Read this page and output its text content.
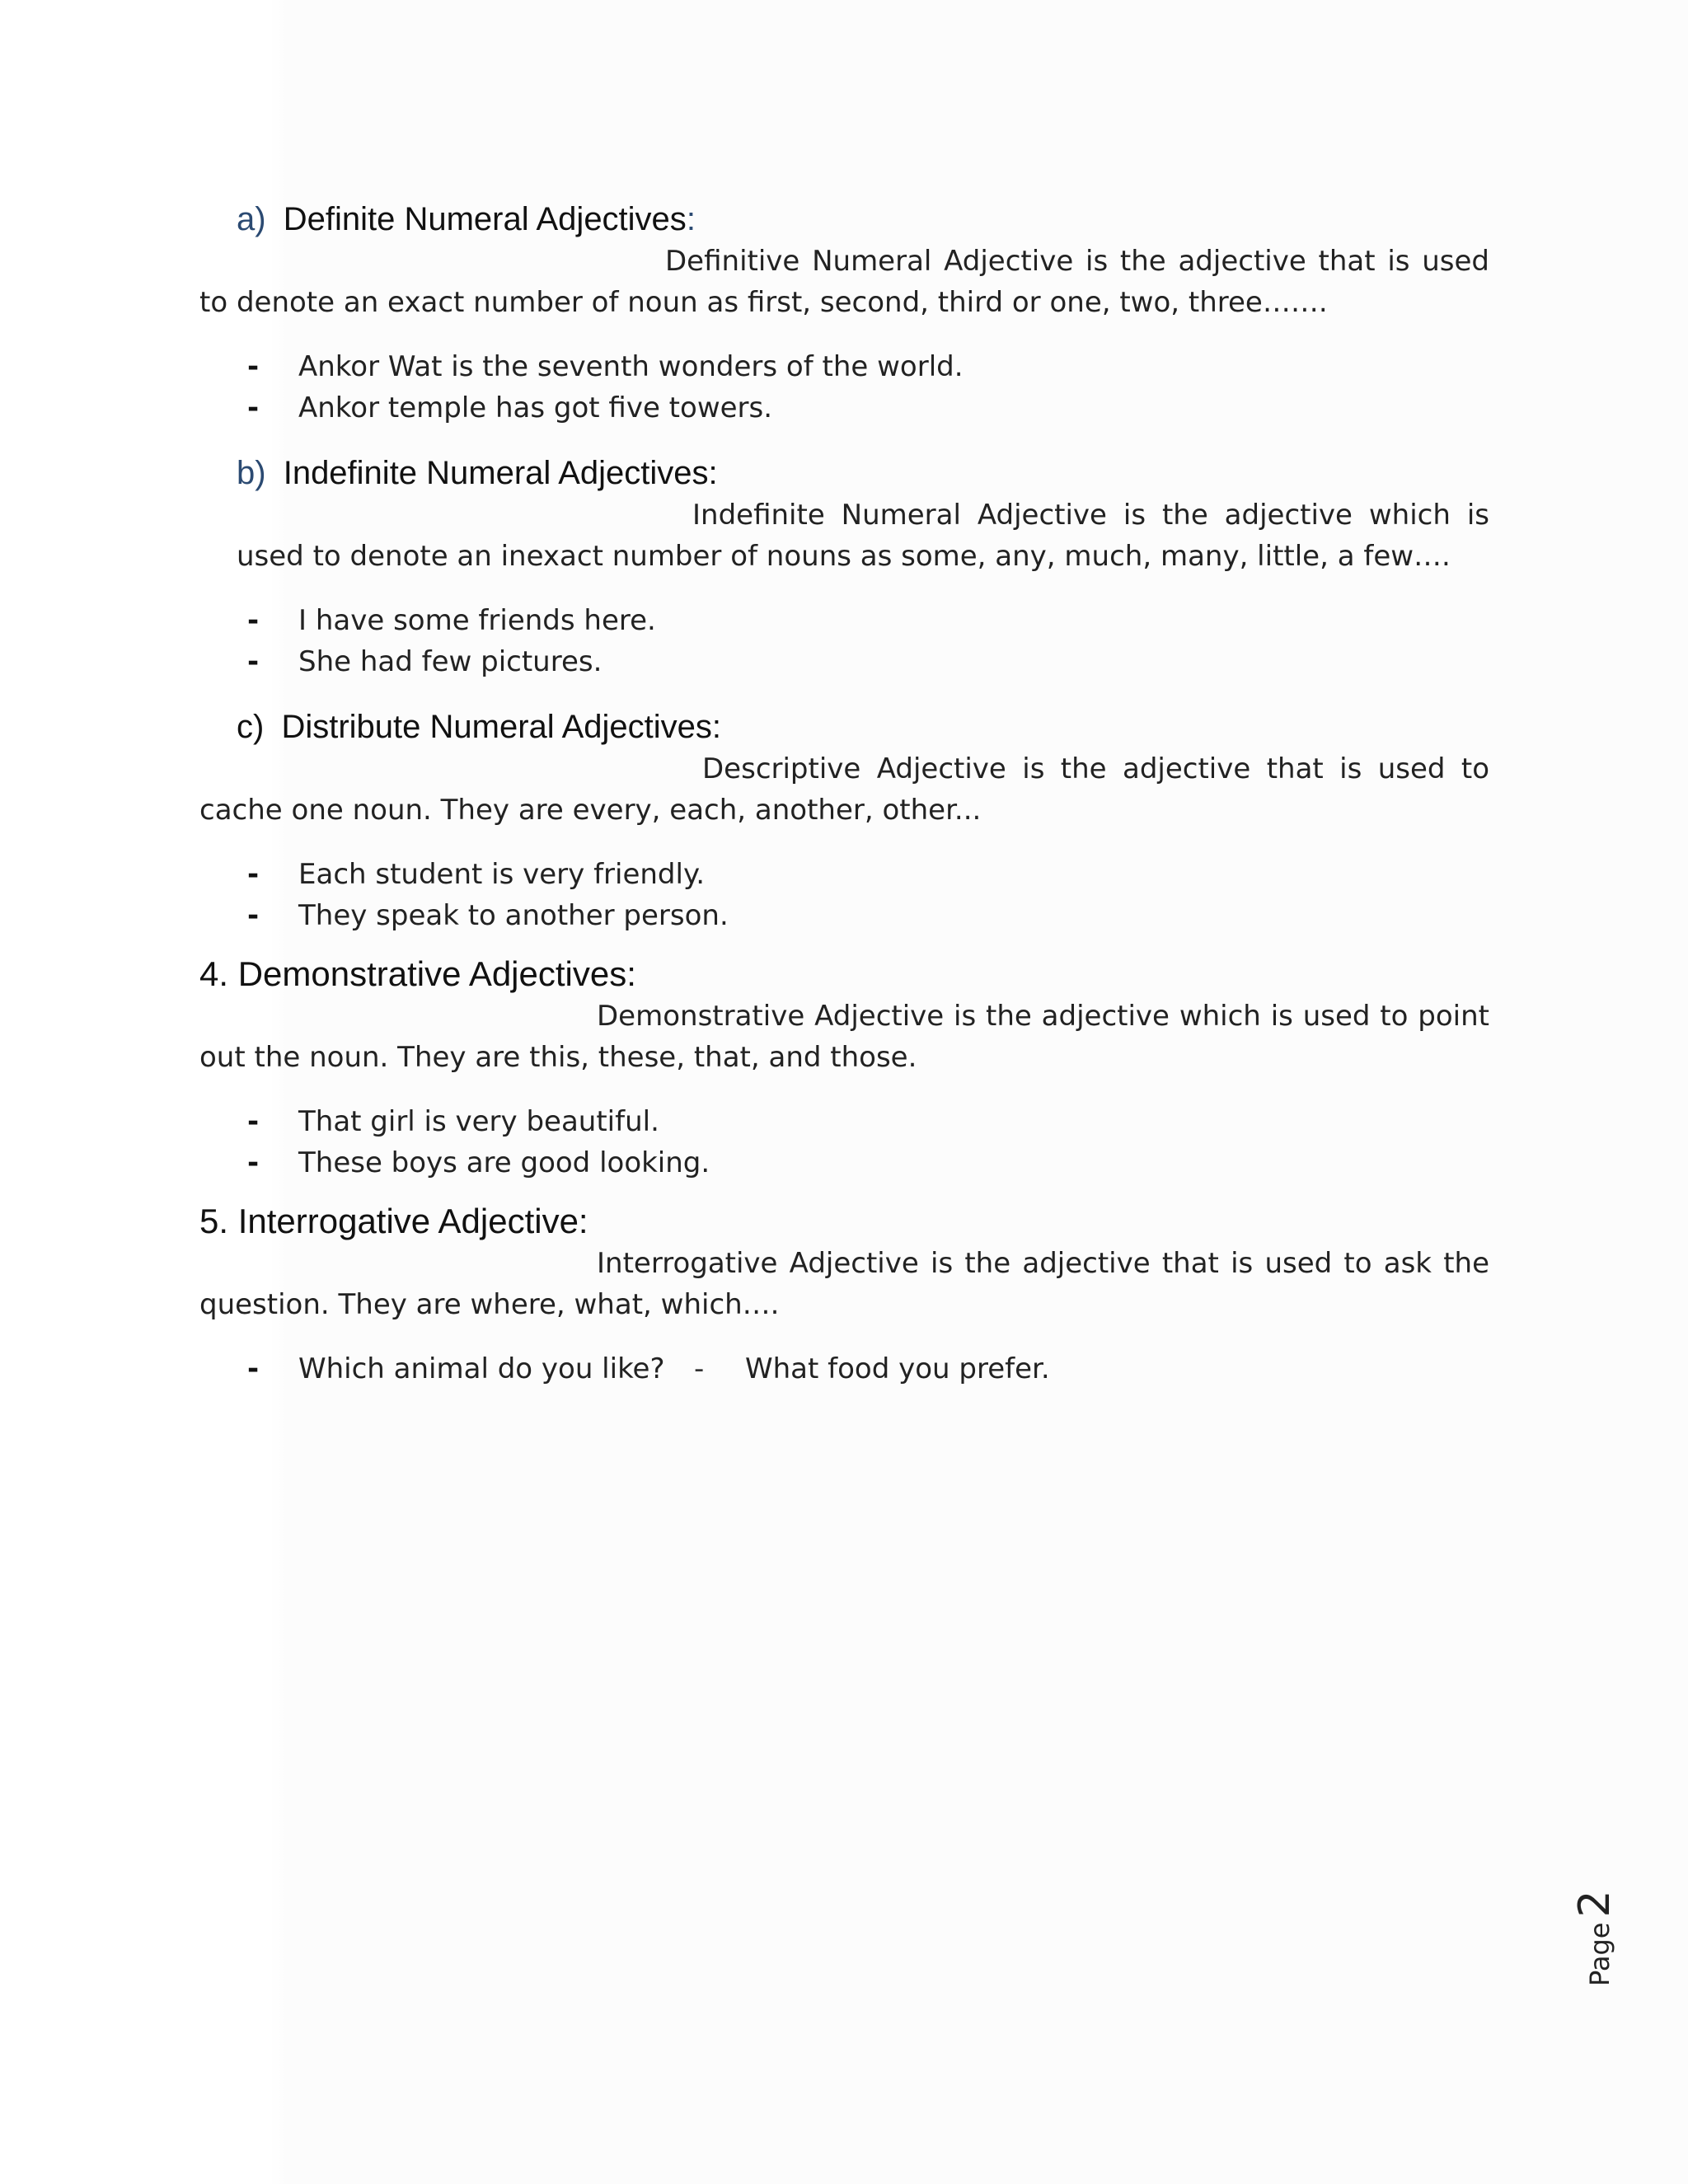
a) Definite Numeral Adjectives:

Definitive Numeral Adjective is the adjective that is used to denote an exact number of noun as first, second, third or one, two, three…….

- Ankor Wat is the seventh wonders of the world.
- Ankor temple has got five towers.
b) Indefinite Numeral Adjectives:

Indefinite Numeral Adjective is the adjective which is used to denote an inexact number of nouns as some, any, much, many, little, a few….

- I have some friends here.
- She had few pictures.
c) Distribute Numeral Adjectives:

Descriptive Adjective is the adjective that is used to cache one noun. They are every, each, another, other...

- Each student is very friendly.
- They speak to another person.
4. Demonstrative Adjectives:

Demonstrative Adjective is the adjective which is used to point out the noun. They are this, these, that, and those.

- That girl is very beautiful.
- These boys are good looking.
5. Interrogative Adjective:

Interrogative Adjective is the adjective that is used to ask the question. They are where, what, which….

- Which animal do you like? - What food you prefer.
Page2
